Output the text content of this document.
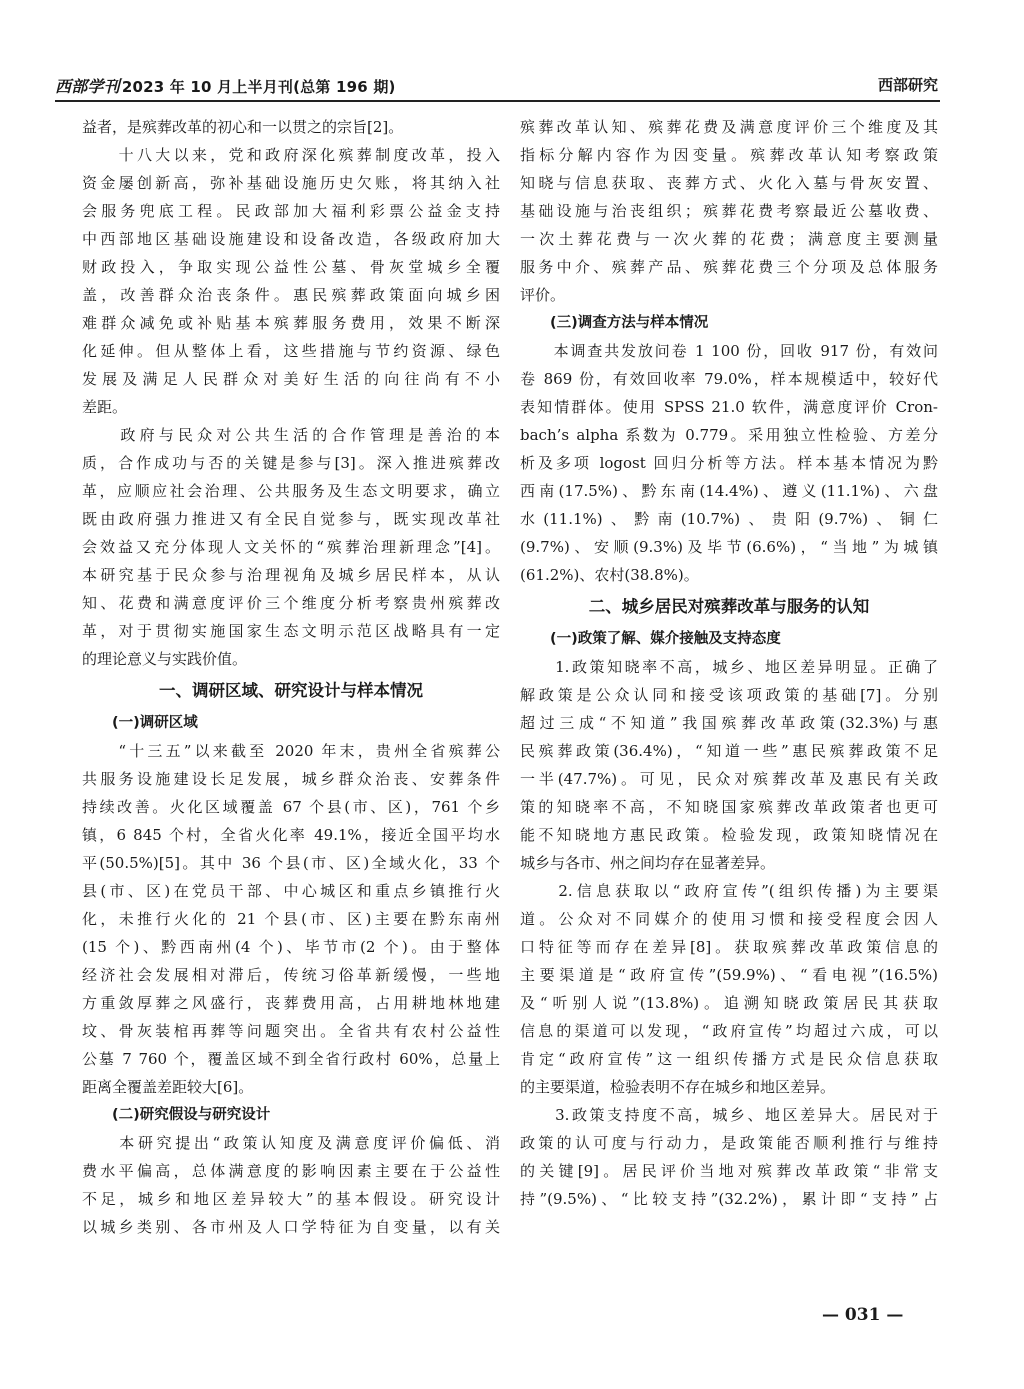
西部学刊 2023 年 10 月上半月刊(总第 196 期)	西部研究
益者，是殡葬改革的初心和一以贯之的宗旨[2]。
　　十八大以来，党和政府深化殡葬制度改革，投入
资金屡创新高，弥补基础设施历史欠账，将其纳入社
会服务兜底工程。民政部加大福利彩票公益金支持
中西部地区基础设施建设和设备改造，各级政府加大
财政投入，争取实现公益性公墓、骨灰堂城乡全覆
盖，改善群众治丧条件。惠民殡葬政策面向城乡困
难群众减免或补贴基本殡葬服务费用，效果不断深
化延伸。但从整体上看，这些措施与节约资源、绿色
发展及满足人民群众对美好生活的向往尚有不小
差距。
　　政府与民众对公共生活的合作管理是善治的本
质，合作成功与否的关键是参与[3]。深入推进殡葬改
革，应顺应社会治理、公共服务及生态文明要求，确立
既由政府强力推进又有全民自觉参与，既实现改革社
会效益又充分体现人文关怀的“殡葬治理新理念”[4]。
本研究基于民众参与治理视角及城乡居民样本，从认
知、花费和满意度评价三个维度分析考察贵州殡葬改
革，对于贯彻实施国家生态文明示范区战略具有一定
的理论意义与实践价值。
一、调研区域、研究设计与样本情况
(一)调研区域
　　“十三五”以来截至 2020 年末，贵州全省殡葬公
共服务设施建设长足发展，城乡群众治丧、安葬条件
持续改善。火化区域覆盖 67 个县(市、区)，761 个乡
镇，6 845 个村，全省火化率 49.1%，接近全国平均水
平(50.5%)[5]。其中 36 个县(市、区)全域火化，33 个
县(市、区)在党员干部、中心城区和重点乡镇推行火
化，未推行火化的 21 个县(市、区)主要在黔东南州
(15 个)、黔西南州(4 个)、毕节市(2 个)。由于整体
经济社会发展相对滞后，传统习俗革新缓慢，一些地
方重敛厚葬之风盛行，丧葬费用高，占用耕地林地建
坟、骨灰装棺再葬等问题突出。全省共有农村公益性
公墓 7 760 个，覆盖区域不到全省行政村 60%，总量上
距离全覆盖差距较大[6]。
(二)研究假设与研究设计
　　本研究提出“政策认知度及满意度评价偏低、消
费水平偏高，总体满意度的影响因素主要在于公益性
不足，城乡和地区差异较大”的基本假设。研究设计
以城乡类别、各市州及人口学特征为自变量，以有关
殡葬改革认知、殡葬花费及满意度评价三个维度及其
指标分解内容作为因变量。殡葬改革认知考察政策
知晓与信息获取、丧葬方式、火化入墓与骨灰安置、
基础设施与治丧组织；殡葬花费考察最近公墓收费、
一次土葬花费与一次火葬的花费；满意度主要测量
服务中介、殡葬产品、殡葬花费三个分项及总体服务
评价。
(三)调查方法与样本情况
　　本调查共发放问卷 1 100 份，回收 917 份，有效问
卷 869 份，有效回收率 79.0%，样本规模适中，较好代
表知情群体。使用 SPSS 21.0 软件，满意度评价 Cron-
bach’s alpha 系数为 0.779。采用独立性检验、方差分
析及多项 logost 回归分析等方法。样本基本情况为黔
西南(17.5%)、黔东南(14.4%)、遵义(11.1%)、六盘
水(11.1%)、黔南(10.7%)、贵阳(9.7%)、铜仁
(9.7%)、安顺(9.3%)及毕节(6.6%)，“当地”为城镇
(61.2%)、农村(38.8%)。
二、城乡居民对殡葬改革与服务的认知
(一)政策了解、媒介接触及支持态度
　　1.政策知晓率不高，城乡、地区差异明显。正确了
解政策是公众认同和接受该项政策的基础[7]。分别
超过三成“不知道”我国殡葬改革政策(32.3%)与惠
民殡葬政策(36.4%)，“知道一些”惠民殡葬政策不足
一半(47.7%)。可见，民众对殡葬改革及惠民有关政
策的知晓率不高，不知晓国家殡葬改革政策者也更可
能不知晓地方惠民政策。检验发现，政策知晓情况在
城乡与各市、州之间均存在显著差异。
　　2.信息获取以“政府宣传”(组织传播)为主要渠
道。公众对不同媒介的使用习惯和接受程度会因人
口特征等而存在差异[8]。获取殡葬改革政策信息的
主要渠道是“政府宣传”(59.9%)、“看电视”(16.5%)
及“听别人说”(13.8%)。追溯知晓政策居民其获取
信息的渠道可以发现，“政府宣传”均超过六成，可以
肯定“政府宣传”这一组织传播方式是民众信息获取
的主要渠道，检验表明不存在城乡和地区差异。
　　3.政策支持度不高，城乡、地区差异大。居民对于
政策的认可度与行动力，是政策能否顺利推行与维持
的关键[9]。居民评价当地对殡葬改革政策“非常支
持”(9.5%)、“比较支持”(32.2%)，累计即“支持”占
— 031 —
